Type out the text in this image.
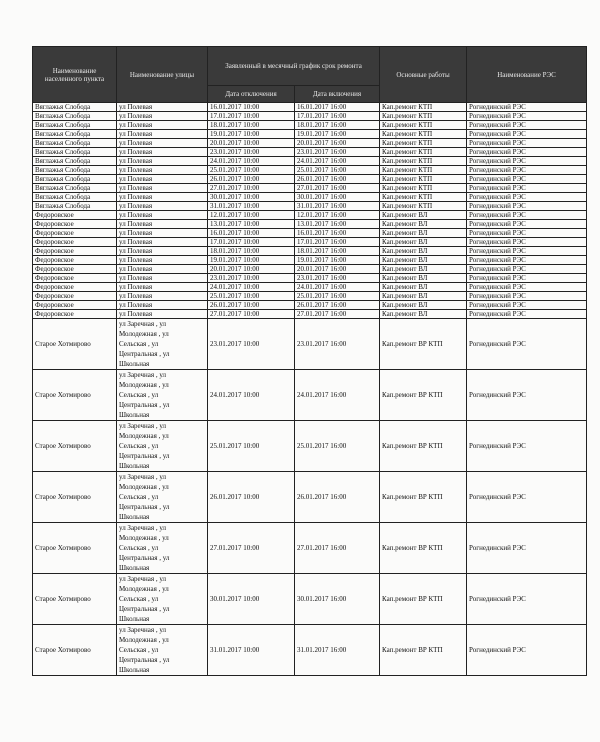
Наименование населенного пункта	Наименование улицы	Заявленный в месячный график срок ремонта		Основные работы	Наименование РЭС
		Дата отключения	Дата включения		
Вяглажья Слобода	ул Полевая	16.01.2017 10:00	16.01.2017 16:00	Кап.ремонт КТП	Рогнединский РЭС
Вяглажья Слобода	ул Полевая	17.01.2017 10:00	17.01.2017 16:00	Кап.ремонт КТП	Рогнединский РЭС
Вяглажья Слобода	ул Полевая	18.01.2017 10:00	18.01.2017 16:00	Кап.ремонт КТП	Рогнединский РЭС
Вяглажья Слобода	ул Полевая	19.01.2017 10:00	19.01.2017 16:00	Кап.ремонт КТП	Рогнединский РЭС
Вяглажья Слобода	ул Полевая	20.01.2017 10:00	20.01.2017 16:00	Кап.ремонт КТП	Рогнединский РЭС
Вяглажья Слобода	ул Полевая	23.01.2017 10:00	23.01.2017 16:00	Кап.ремонт КТП	Рогнединский РЭС
Вяглажья Слобода	ул Полевая	24.01.2017 10:00	24.01.2017 16:00	Кап.ремонт КТП	Рогнединский РЭС
Вяглажья Слобода	ул Полевая	25.01.2017 10:00	25.01.2017 16:00	Кап.ремонт КТП	Рогнединский РЭС
Вяглажья Слобода	ул Полевая	26.01.2017 10:00	26.01.2017 16:00	Кап.ремонт КТП	Рогнединский РЭС
Вяглажья Слобода	ул Полевая	27.01.2017 10:00	27.01.2017 16:00	Кап.ремонт КТП	Рогнединский РЭС
Вяглажья Слобода	ул Полевая	30.01.2017 10:00	30.01.2017 16:00	Кап.ремонт КТП	Рогнединский РЭС
Вяглажья Слобода	ул Полевая	31.01.2017 10:00	31.01.2017 16:00	Кап.ремонт КТП	Рогнединский РЭС
Федоровское	ул Полевая	12.01.2017 10:00	12.01.2017 16:00	Кап.ремонт ВЛ	Рогнединский РЭС
Федоровское	ул Полевая	13.01.2017 10:00	13.01.2017 16:00	Кап.ремонт ВЛ	Рогнединский РЭС
Федоровское	ул Полевая	16.01.2017 10:00	16.01.2017 16:00	Кап.ремонт ВЛ	Рогнединский РЭС
Федоровское	ул Полевая	17.01.2017 10:00	17.01.2017 16:00	Кап.ремонт ВЛ	Рогнединский РЭС
Федоровское	ул Полевая	18.01.2017 10:00	18.01.2017 16:00	Кап.ремонт ВЛ	Рогнединский РЭС
Федоровское	ул Полевая	19.01.2017 10:00	19.01.2017 16:00	Кап.ремонт ВЛ	Рогнединский РЭС
Федоровское	ул Полевая	20.01.2017 10:00	20.01.2017 16:00	Кап.ремонт ВЛ	Рогнединский РЭС
Федоровское	ул Полевая	23.01.2017 10:00	23.01.2017 16:00	Кап.ремонт ВЛ	Рогнединский РЭС
Федоровское	ул Полевая	24.01.2017 10:00	24.01.2017 16:00	Кап.ремонт ВЛ	Рогнединский РЭС
Федоровское	ул Полевая	25.01.2017 10:00	25.01.2017 16:00	Кап.ремонт ВЛ	Рогнединский РЭС
Федоровское	ул Полевая	26.01.2017 10:00	26.01.2017 16:00	Кап.ремонт ВЛ	Рогнединский РЭС
Федоровское	ул Полевая	27.01.2017 10:00	27.01.2017 16:00	Кап.ремонт ВЛ	Рогнединский РЭС
Старое Хотмирово	ул Заречная , ул
Молодежная , ул
Сельская , ул
Центральная , ул
Школьная	23.01.2017 10:00	23.01.2017 16:00	Кап.ремонт ВР КТП	Рогнединский РЭС
Старое Хотмирово	ул Заречная , ул
Молодежная , ул
Сельская , ул
Центральная , ул
Школьная	24.01.2017 10:00	24.01.2017 16:00	Кап.ремонт ВР КТП	Рогнединский РЭС
Старое Хотмирово	ул Заречная , ул
Молодежная , ул
Сельская , ул
Центральная , ул
Школьная	25.01.2017 10:00	25.01.2017 16:00	Кап.ремонт ВР КТП	Рогнединский РЭС
Старое Хотмирово	ул Заречная , ул
Молодежная , ул
Сельская , ул
Центральная , ул
Школьная	26.01.2017 10:00	26.01.2017 16:00	Кап.ремонт ВР КТП	Рогнединский РЭС
Старое Хотмирово	ул Заречная , ул
Молодежная , ул
Сельская , ул
Центральная , ул
Школьная	27.01.2017 10:00	27.01.2017 16:00	Кап.ремонт ВР КТП	Рогнединский РЭС
Старое Хотмирово	ул Заречная , ул
Молодежная , ул
Сельская , ул
Центральная , ул
Школьная	30.01.2017 10:00	30.01.2017 16:00	Кап.ремонт ВР КТП	Рогнединский РЭС
Старое Хотмирово	ул Заречная , ул
Молодежная , ул
Сельская , ул
Центральная , ул
Школьная	31.01.2017 10:00	31.01.2017 16:00	Кап.ремонт ВР КТП	Рогнединский РЭС
